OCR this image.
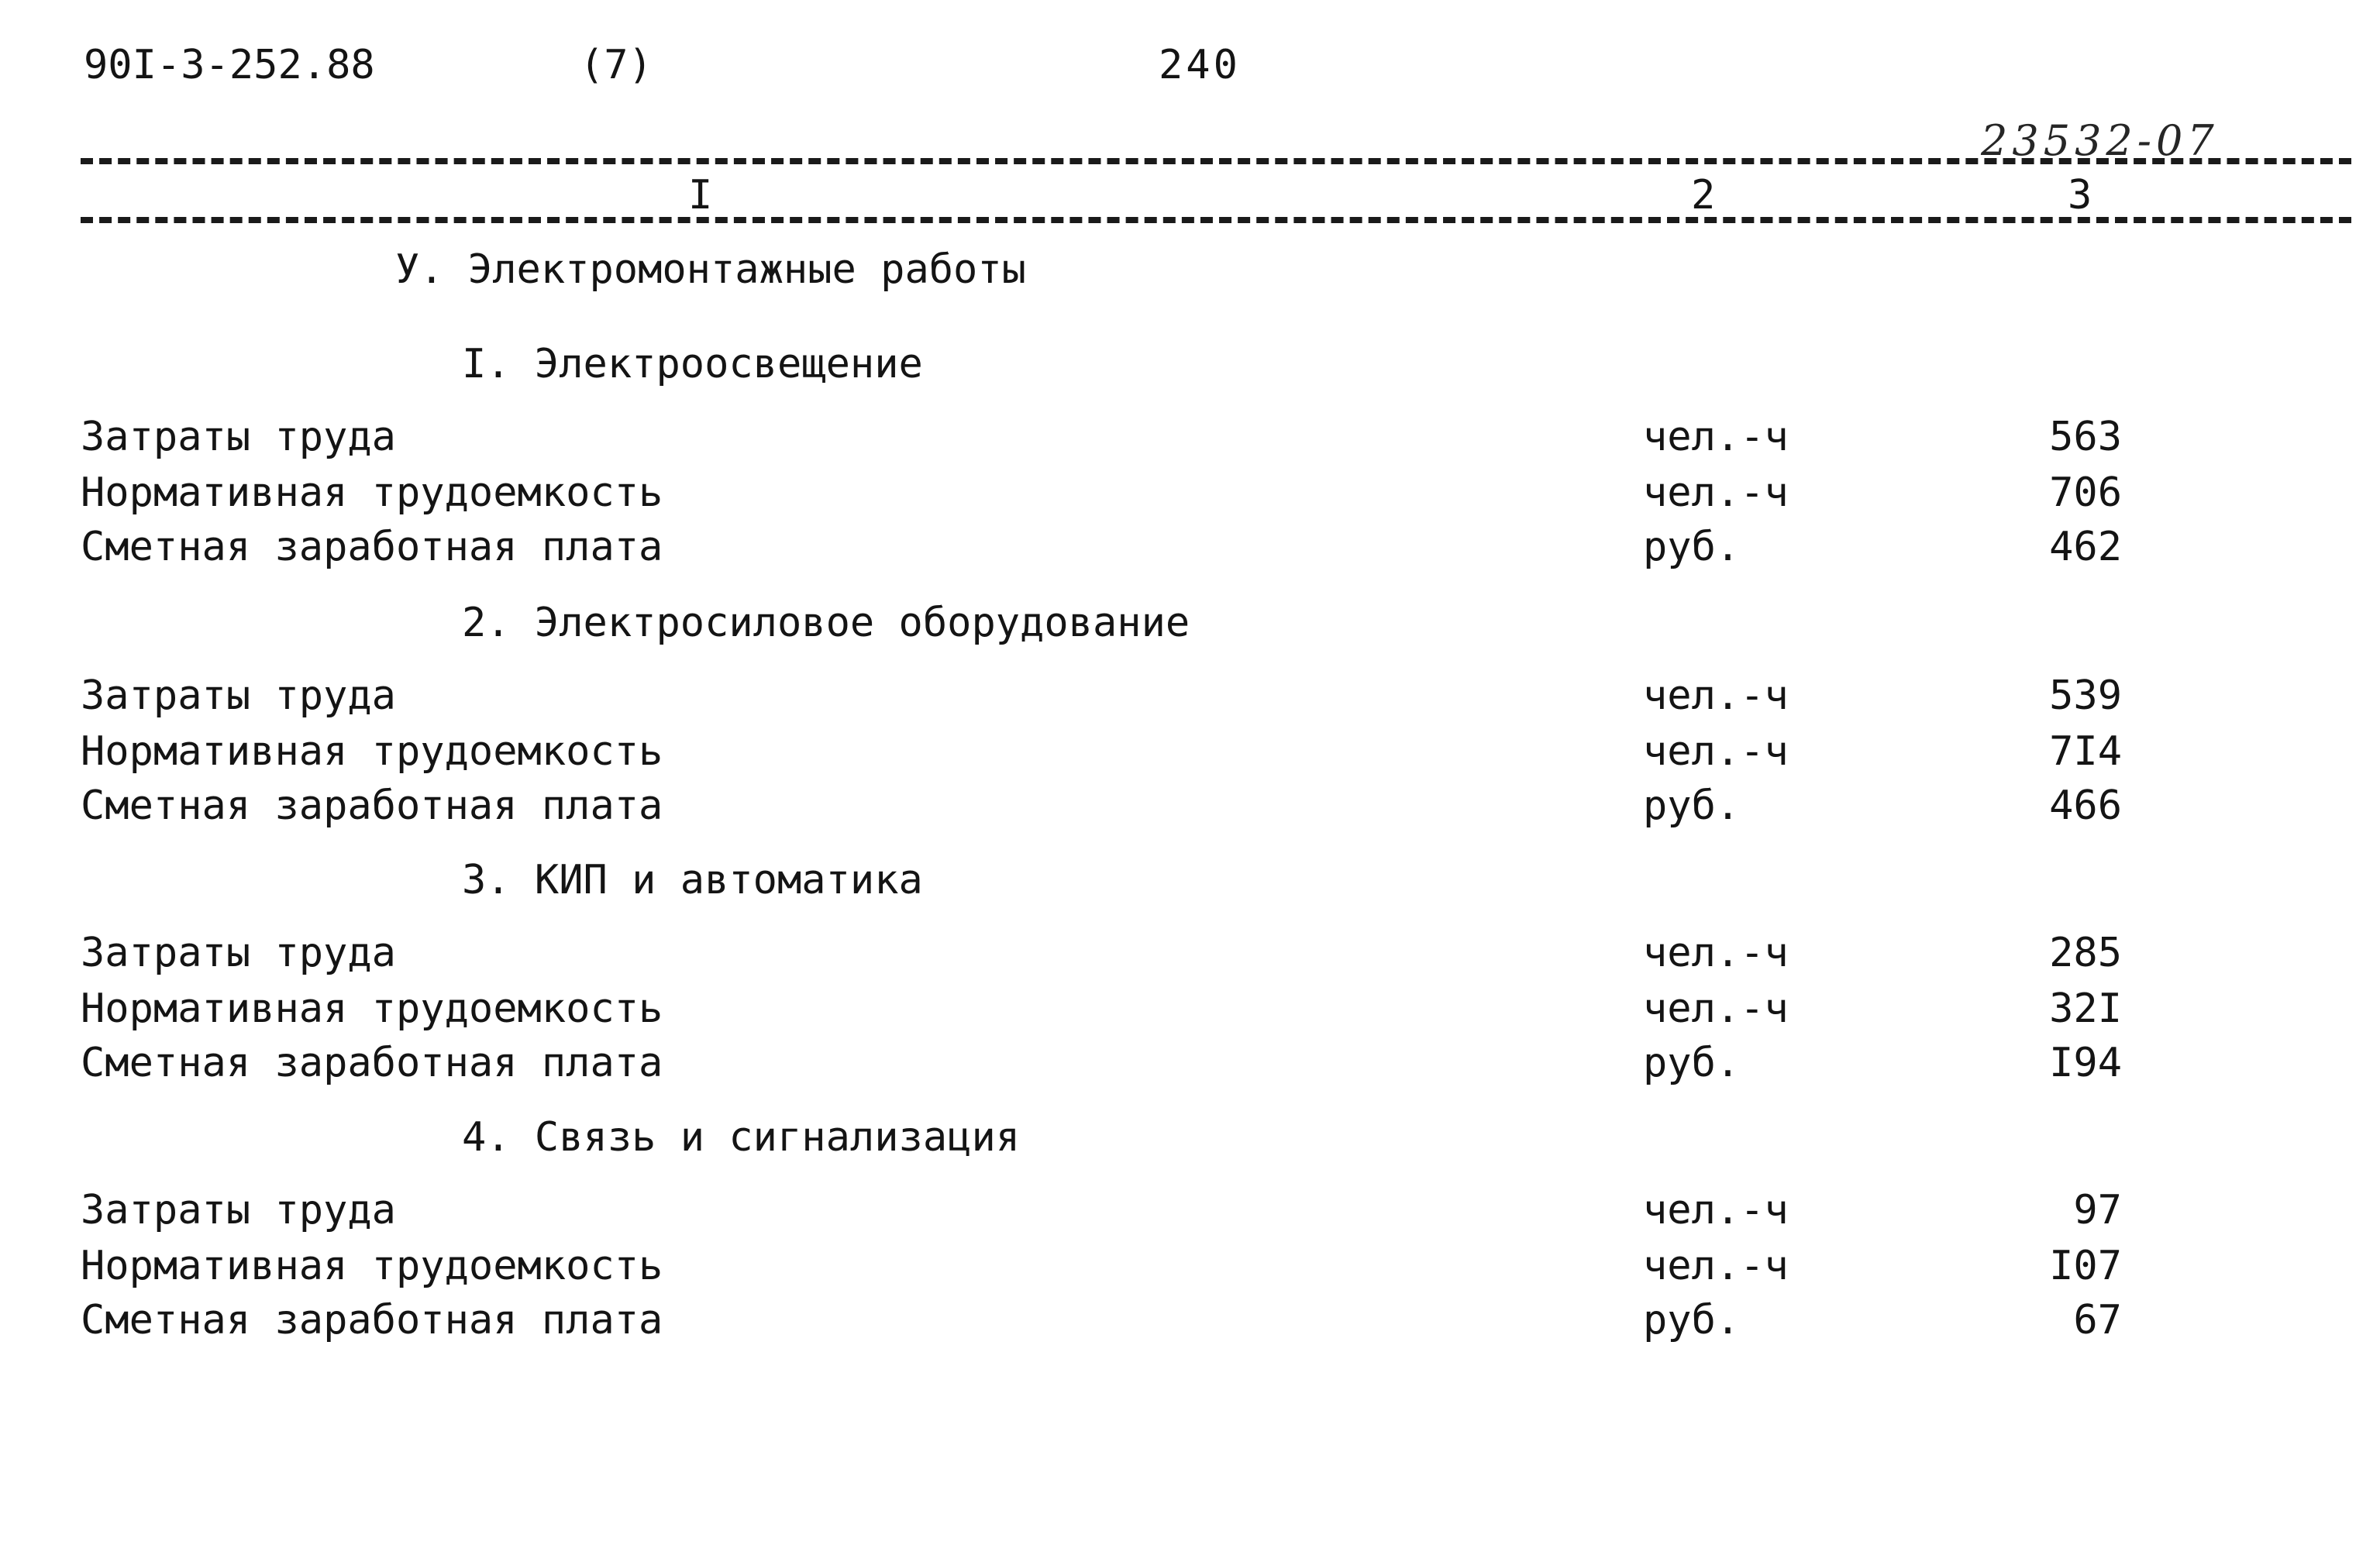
90I-3-252.88	(7)	240
23532-07
I	2	3
У. Электромонтажные работы
I. Электроосвещение
Затраты труда	чел.-ч	563
Нормативная трудоемкость	чел.-ч	706
Сметная заработная плата	руб.	462
2. Электросиловое оборудование
Затраты труда	чел.-ч	539
Нормативная трудоемкость	чел.-ч	7I4
Сметная заработная плата	руб.	466
3. КИП и автоматика
Затраты труда	чел.-ч	285
Нормативная трудоемкость	чел.-ч	32I
Сметная заработная плата	руб.	I94
4. Связь и сигнализация
Затраты труда	чел.-ч	97
Нормативная трудоемкость	чел.-ч	I07
Сметная заработная плата	руб.	67
